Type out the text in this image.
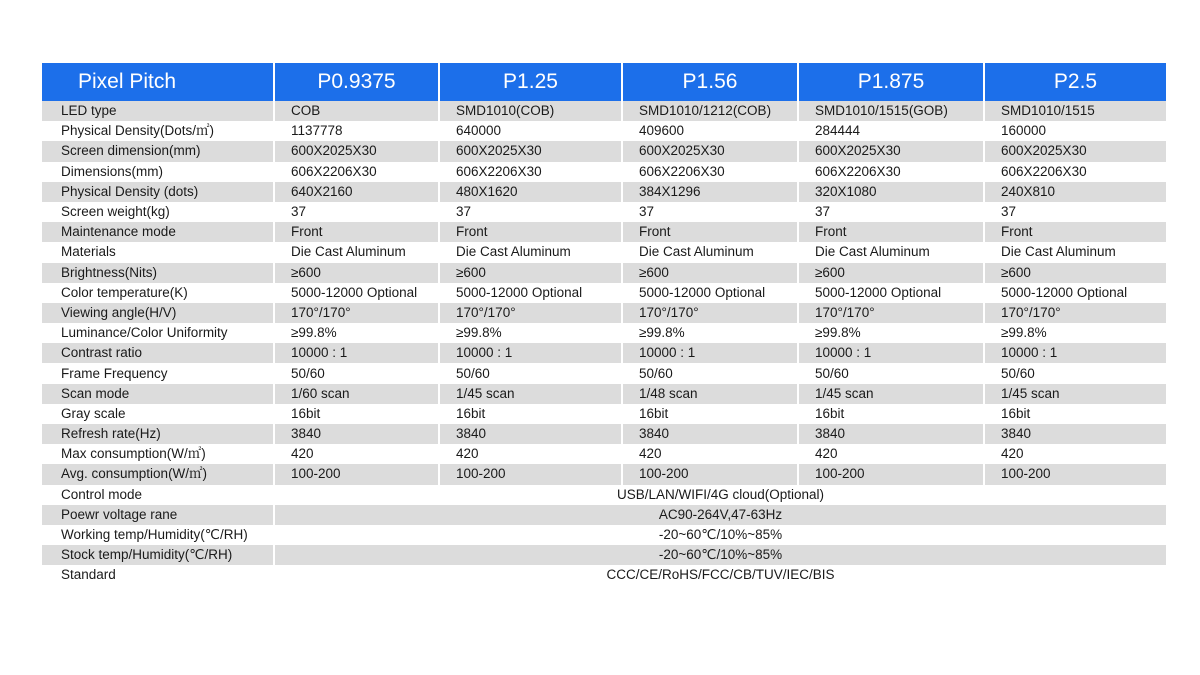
Pixel Pitch	P0.9375	P1.25	P1.56	P1.875	P2.5
LED type	COB	SMD1010(COB)	SMD1010/1212(COB)	SMD1010/1515(GOB)	SMD1010/1515
Physical Density(Dots/㎡)	1137778	640000	409600	284444	160000
Screen dimension(mm)	600X2025X30	600X2025X30	600X2025X30	600X2025X30	600X2025X30
Dimensions(mm)	606X2206X30	606X2206X30	606X2206X30	606X2206X30	606X2206X30
Physical Density (dots)	640X2160	480X1620	384X1296	320X1080	240X810
Screen weight(kg)	37	37	37	37	37
Maintenance mode	Front	Front	Front	Front	Front
Materials	Die Cast Aluminum	Die Cast Aluminum	Die Cast Aluminum	Die Cast Aluminum	Die Cast Aluminum
Brightness(Nits)	≥600	≥600	≥600	≥600	≥600
Color temperature(K)	5000-12000 Optional	5000-12000 Optional	5000-12000 Optional	5000-12000 Optional	5000-12000 Optional
Viewing angle(H/V)	170°/170°	170°/170°	170°/170°	170°/170°	170°/170°
Luminance/Color Uniformity	≥99.8%	≥99.8%	≥99.8%	≥99.8%	≥99.8%
Contrast ratio	10000 : 1	10000 : 1	10000 : 1	10000 : 1	10000 : 1
Frame Frequency	50/60	50/60	50/60	50/60	50/60
Scan mode	1/60 scan	1/45 scan	1/48 scan	1/45 scan	1/45 scan
Gray scale	16bit	16bit	16bit	16bit	16bit
Refresh rate(Hz)	3840	3840	3840	3840	3840
Max consumption(W/㎡)	420	420	420	420	420
Avg. consumption(W/㎡)	100-200	100-200	100-200	100-200	100-200
Control mode	USB/LAN/WIFI/4G cloud(Optional)				
Poewr voltage rane	AC90-264V,47-63Hz				
Working temp/Humidity(℃/RH)	-20~60℃/10%~85%				
Stock temp/Humidity(℃/RH)	-20~60℃/10%~85%				
Standard	CCC/CE/RoHS/FCC/CB/TUV/IEC/BIS				
